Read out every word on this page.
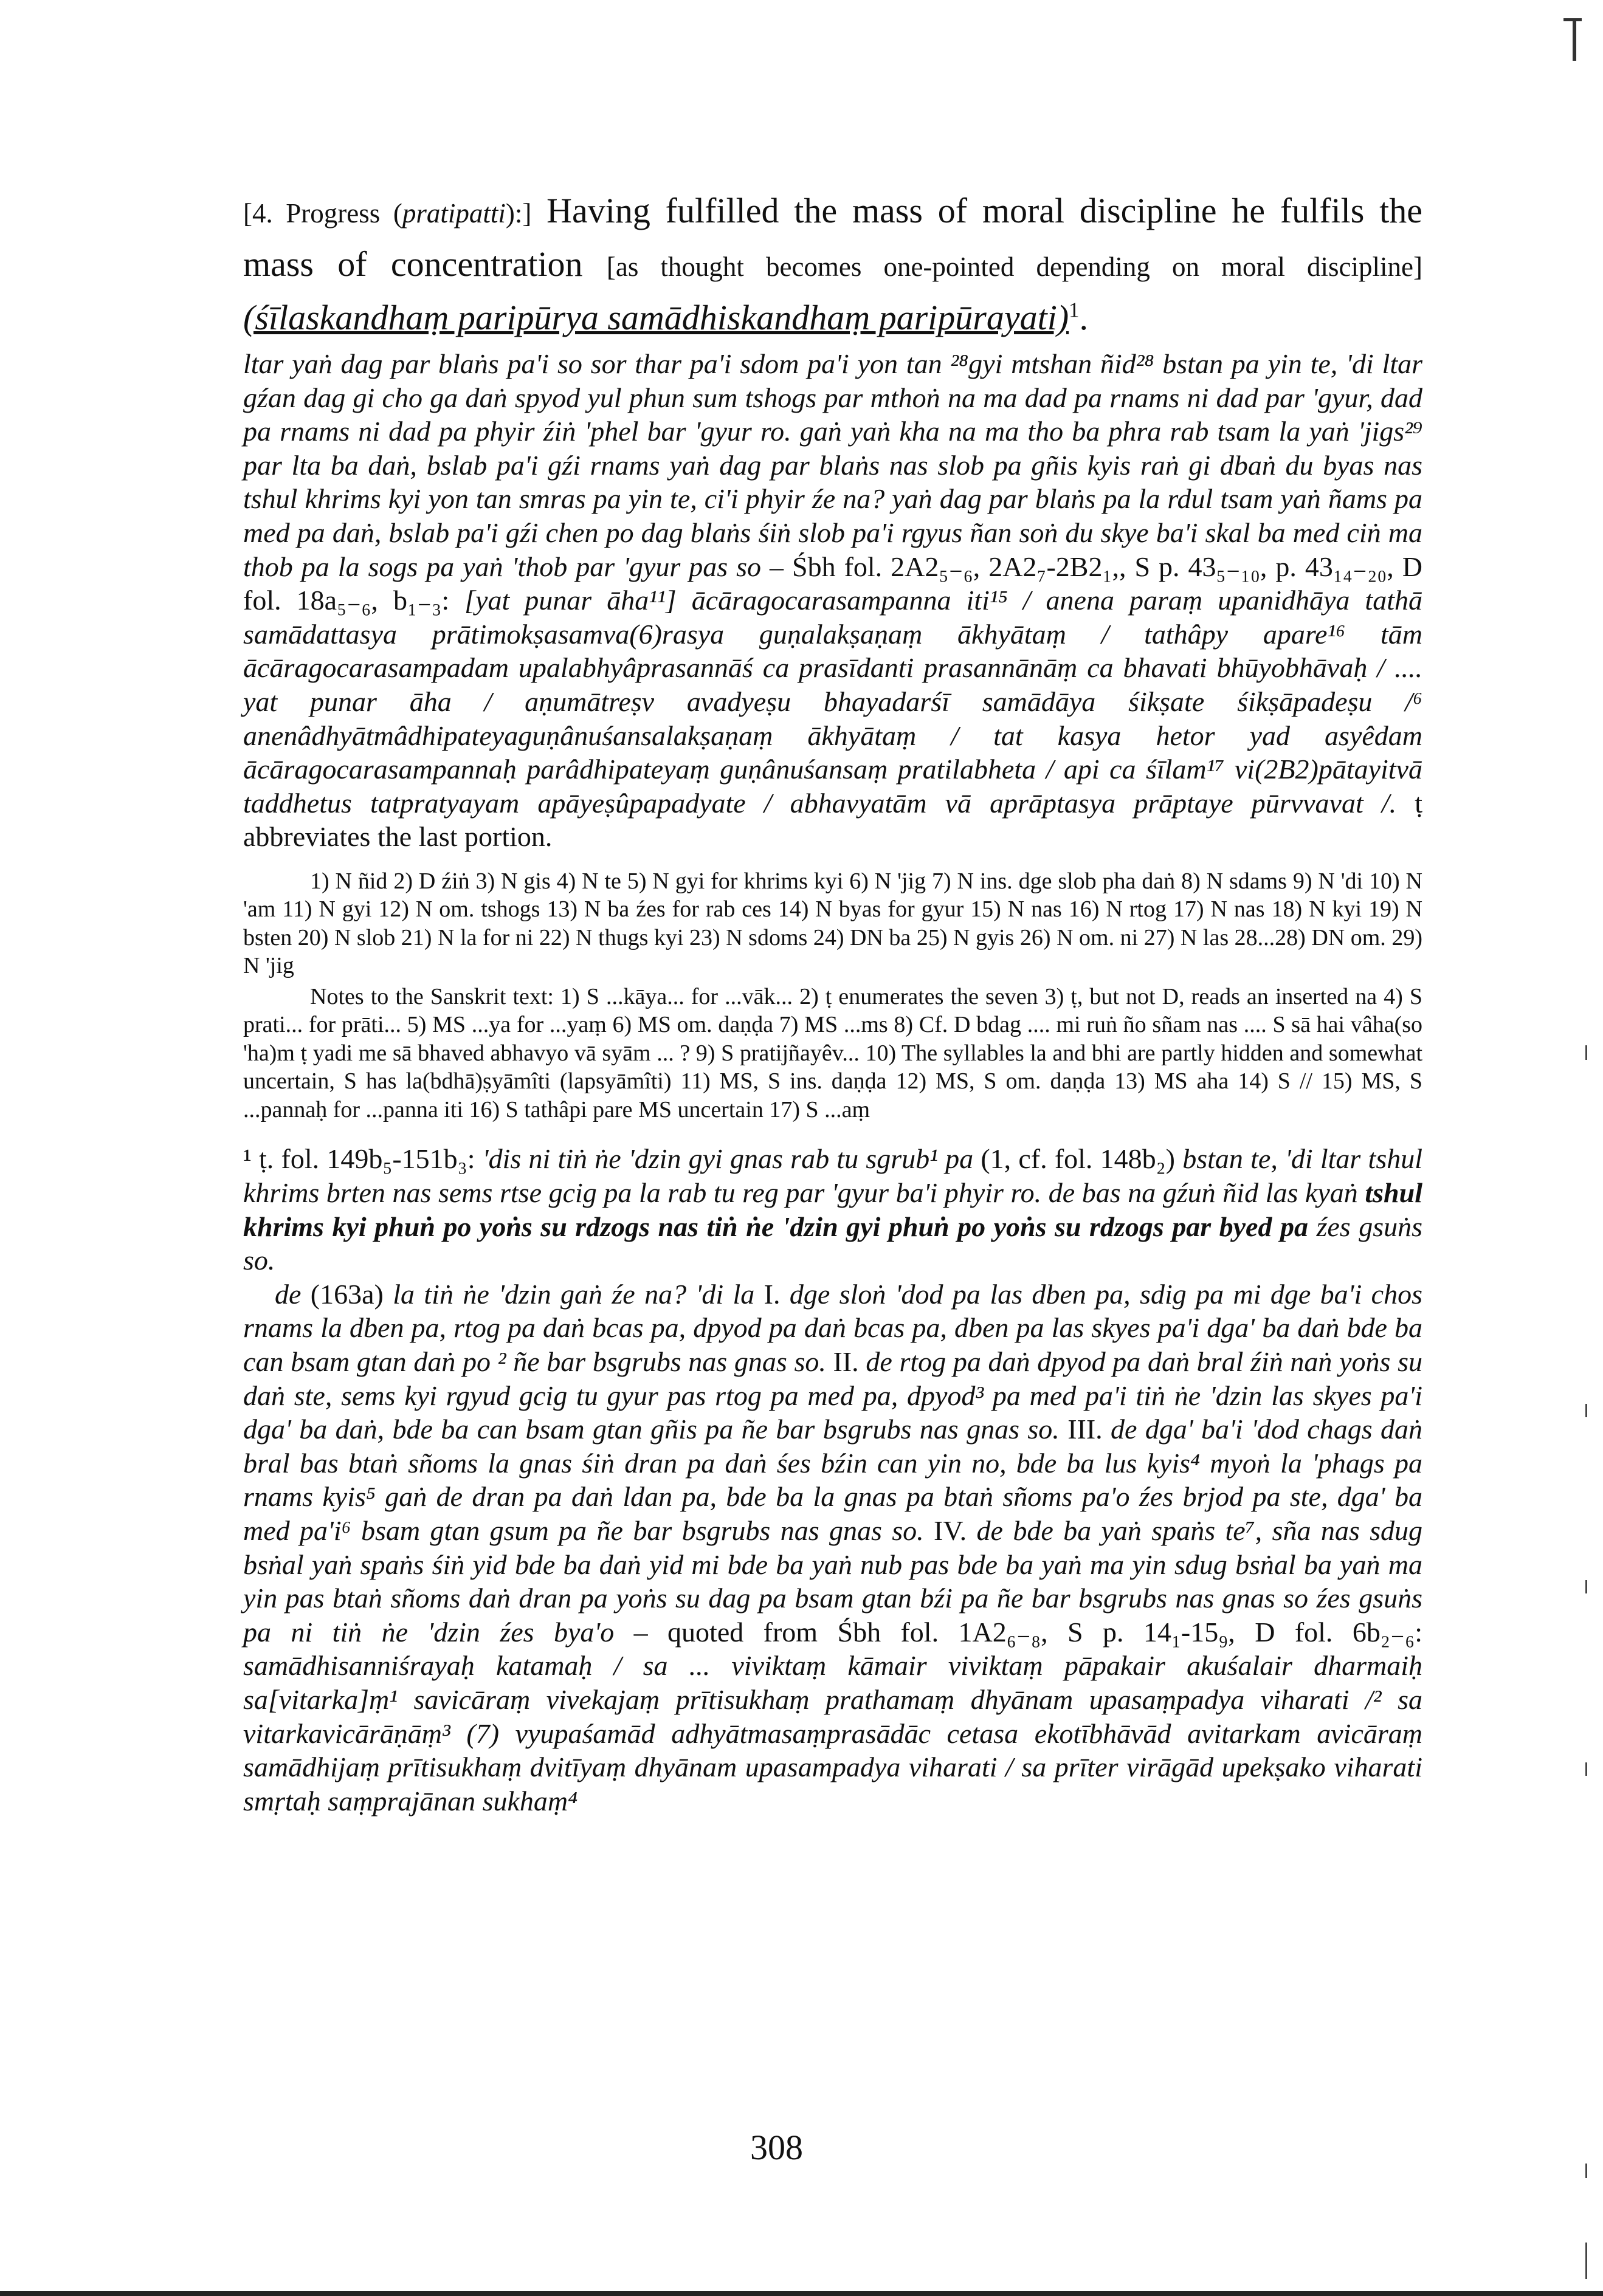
[4. Progress (pratipatti):] Having fulfilled the mass of moral discipline he fulfils the mass of concentration [as thought becomes one-pointed depending on moral discipline] (śīlaskandhaṃ paripūrya samādhiskandhaṃ paripūrayati)$^1$.

ltar yaṅ dag par blaṅs pa'i so sor thar pa'i sdom pa'i yon tan ²⁸gyi mtshan ñid²⁸ bstan pa yin te, 'di ltar gźan dag gi cho ga daṅ spyod yul phun sum tshogs par mthoṅ na ma dad pa rnams ni dad par 'gyur, dad pa rnams ni dad pa phyir źiṅ 'phel bar 'gyur ro. gaṅ yaṅ kha na ma tho ba phra rab tsam la yaṅ 'jigs²⁹ par lta ba daṅ, bslab pa'i gźi rnams yaṅ dag par blaṅs nas slob pa gñis kyis raṅ gi dbaṅ du byas nas tshul khrims kyi yon tan smras pa yin te, ci'i phyir źe na? yaṅ dag par blaṅs pa la rdul tsam yaṅ ñams pa med pa daṅ, bslab pa'i gźi chen po dag blaṅs śiṅ slob pa'i rgyus ñan soṅ du skye ba'i skal ba med ciṅ ma thob pa la sogs pa yaṅ 'thob par 'gyur pas so – Śbh fol. 2A2₅₋₆, 2A2₇-2B2₁,, S p. 43₅₋₁₀, p. 43₁₄₋₂₀, D fol. 18a₅₋₆, b₁₋₃: [yat punar āha¹¹] ācāragocarasampanna iti¹⁵ / anena paraṃ upanidhāya tathā samādattasya prātimokṣasamva(6)rasya guṇalakṣaṇaṃ ākhyātaṃ / tathâpy apare¹⁶ tām ācāragocarasampadam upalabhyâprasannāś ca prasīdanti prasannānāṃ ca bhavati bhūyobhāvaḥ / .... yat punar āha / aṇumātreṣv avadyeṣu bhayadarśī samādāya śikṣate śikṣāpadeṣu /⁶ anenâdhyātmâdhipateyaguṇânuśansalakṣaṇaṃ ākhyātaṃ / tat kasya hetor yad asyêdam ācāragocarasampannaḥ parâdhipateyaṃ guṇânuśansaṃ pratilabheta / api ca śīlam¹⁷ vi(2B2)pātayitvā taddhetus tatpratyayam apāyeṣûpapadyate / abhavyatām vā aprāptasya prāptaye pūrvvavat /. ṭ abbreviates the last portion.

1) N ñid 2) D źiṅ 3) N gis 4) N te 5) N gyi for khrims kyi 6) N 'jig 7) N ins. dge slob pha daṅ 8) N sdams 9) N 'di 10) N 'am 11) N gyi 12) N om. tshogs 13) N ba źes for rab ces 14) N byas for gyur 15) N nas 16) N rtog 17) N nas 18) N kyi 19) N bsten 20) N slob 21) N la for ni 22) N thugs kyi 23) N sdoms 24) DN ba 25) N gyis 26) N om. ni 27) N las 28...28) DN om. 29) N 'jig

Notes to the Sanskrit text: 1) S ...kāya... for ...vāk... 2) ṭ enumerates the seven 3) ṭ, but not D, reads an inserted na 4) S prati... for prāti... 5) MS ...ya for ...yaṃ 6) MS om. daṇḍa 7) MS ...ms 8) Cf. D bdag .... mi ruṅ ño sñam nas .... S sā hai vâha(so 'ha)m ṭ yadi me sā bhaved abhavyo vā syām ... ? 9) S pratijñayêv... 10) The syllables la and bhi are partly hidden and somewhat uncertain, S has la(bdhā)ṣyāmîti (lapsyāmîti) 11) MS, S ins. daṇḍa 12) MS, S om. daṇḍa 13) MS aha 14) S // 15) MS, S ...pannaḥ for ...panna iti 16) S tathâpi pare MS uncertain 17) S ...aṃ

¹ ṭ. fol. 149b₅-151b₃: 'dis ni tiṅ ṅe 'dzin gyi gnas rab tu sgrub¹ pa (1, cf. fol. 148b₂) bstan te, 'di ltar tshul khrims brten nas sems rtse gcig pa la rab tu reg par 'gyur ba'i phyir ro. de bas na gźuṅ ñid las kyaṅ tshul khrims kyi phuṅ po yoṅs su rdzogs nas tiṅ ṅe 'dzin gyi phuṅ po yoṅs su rdzogs par byed pa źes gsuṅs so.

de (163a) la tiṅ ṅe 'dzin gaṅ źe na? 'di la I. dge sloṅ 'dod pa las dben pa, sdig pa mi dge ba'i chos rnams la dben pa, rtog pa daṅ bcas pa, dpyod pa daṅ bcas pa, dben pa las skyes pa'i dga' ba daṅ bde ba can bsam gtan daṅ po ² ñe bar bsgrubs nas gnas so. II. de rtog pa daṅ dpyod pa daṅ bral źiṅ naṅ yoṅs su daṅ ste, sems kyi rgyud gcig tu gyur pas rtog pa med pa, dpyod³ pa med pa'i tiṅ ṅe 'dzin las skyes pa'i dga' ba daṅ, bde ba can bsam gtan gñis pa ñe bar bsgrubs nas gnas so. III. de dga' ba'i 'dod chags daṅ bral bas btaṅ sñoms la gnas śiṅ dran pa daṅ śes bźin can yin no, bde ba lus kyis⁴ myoṅ la 'phags pa rnams kyis⁵ gaṅ de dran pa daṅ ldan pa, bde ba la gnas pa btaṅ sñoms pa'o źes brjod pa ste, dga' ba med pa'i⁶ bsam gtan gsum pa ñe bar bsgrubs nas gnas so. IV. de bde ba yaṅ spaṅs te⁷, sña nas sdug bsṅal yaṅ spaṅs śiṅ yid bde ba daṅ yid mi bde ba yaṅ nub pas bde ba yaṅ ma yin sdug bsṅal ba yaṅ ma yin pas btaṅ sñoms daṅ dran pa yoṅs su dag pa bsam gtan bźi pa ñe bar bsgrubs nas gnas so źes gsuṅs pa ni tiṅ ṅe 'dzin źes bya'o – quoted from Śbh fol. 1A2₆₋₈, S p. 14₁-15₉, D fol. 6b₂₋₆: samādhisanniśrayaḥ katamaḥ / sa ... viviktaṃ kāmair viviktaṃ pāpakair akuśalair dharmaiḥ sa[vitarka]ṃ¹ savicāraṃ vivekajaṃ prītisukhaṃ prathamaṃ dhyānam upasaṃpadya viharati /² sa vitarkavicārāṇāṃ³ (7) vyupaśamād adhyātmasaṃprasādāc cetasa ekotībhāvād avitarkam avicāraṃ samādhijaṃ prītisukhaṃ dvitīyaṃ dhyānam upasampadya viharati / sa prīter virāgād upekṣako viharati smṛtaḥ saṃprajānan sukhaṃ⁴

308
